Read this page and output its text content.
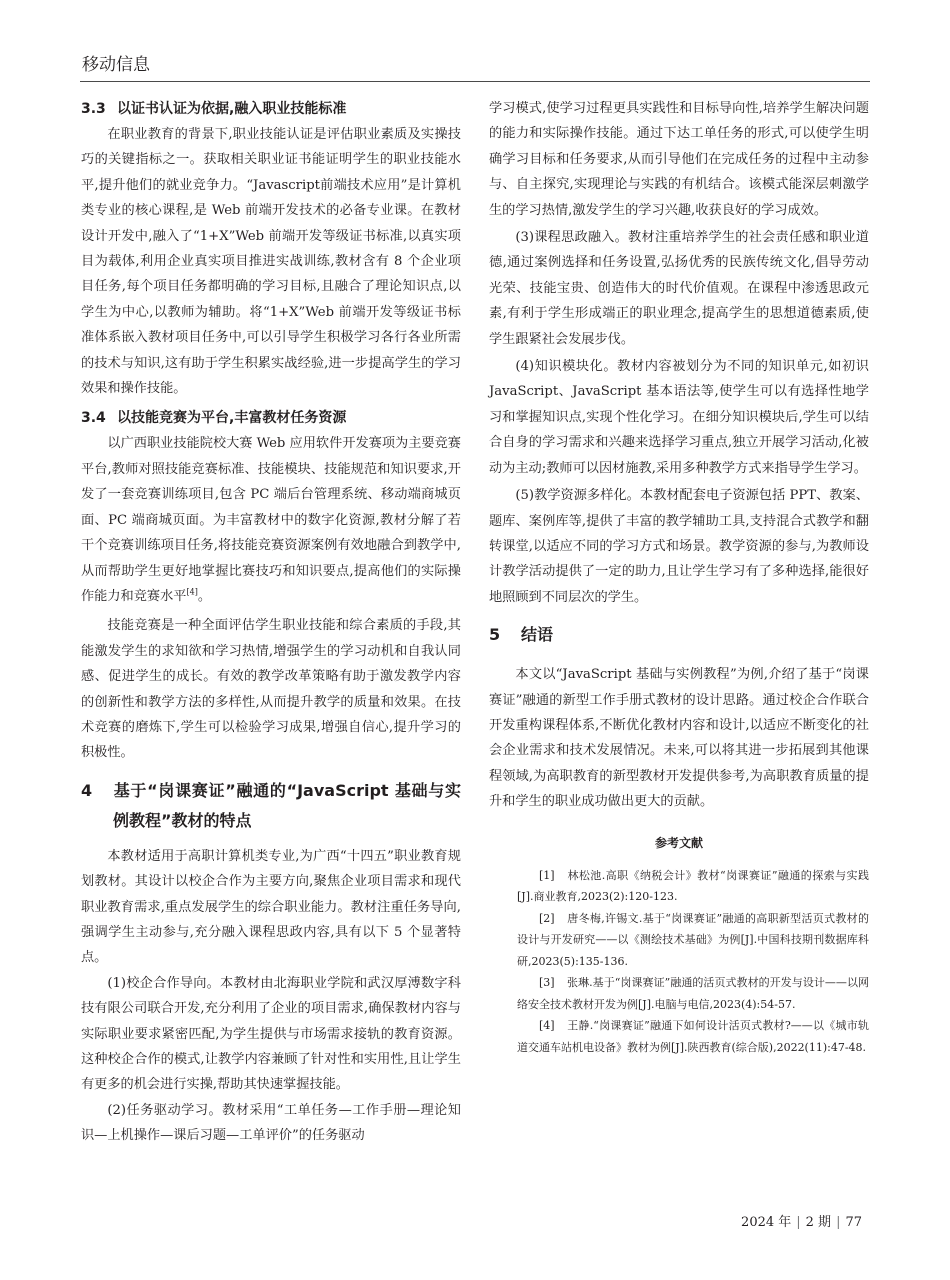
移动信息
3.3 以证书认证为依据,融入职业技能标准

在职业教育的背景下,职业技能认证是评估职业素质及实操技巧的关键指标之一。获取相关职业证书能证明学生的职业技能水平,提升他们的就业竞争力。“Javascript前端技术应用”是计算机类专业的核心课程,是 Web 前端开发技术的必备专业课。在教材设计开发中,融入了“1+X”Web 前端开发等级证书标准,以真实项目为载体,利用企业真实项目推进实战训练,教材含有 8 个企业项目任务,每个项目任务都明确的学习目标,且融合了理论知识点,以学生为中心,以教师为辅助。将“1+X”Web 前端开发等级证书标准体系嵌入教材项目任务中,可以引导学生积极学习各行各业所需的技术与知识,这有助于学生积累实战经验,进一步提高学生的学习效果和操作技能。

3.4 以技能竞赛为平台,丰富教材任务资源

以广西职业技能院校大赛 Web 应用软件开发赛项为主要竞赛平台,教师对照技能竞赛标准、技能模块、技能规范和知识要求,开发了一套竞赛训练项目,包含 PC 端后台管理系统、移动端商城页面、PC 端商城页面。为丰富教材中的数字化资源,教材分解了若干个竞赛训练项目任务,将技能竞赛资源案例有效地融合到教学中,从而帮助学生更好地掌握比赛技巧和知识要点,提高他们的实际操作能力和竞赛水平[4]。

技能竞赛是一种全面评估学生职业技能和综合素质的手段,其能激发学生的求知欲和学习热情,增强学生的学习动机和自我认同感、促进学生的成长。有效的教学改革策略有助于激发教学内容的创新性和教学方法的多样性,从而提升教学的质量和效果。在技术竞赛的磨炼下,学生可以检验学习成果,增强自信心,提升学习的积极性。

4 基于“岗课赛证”融通的“JavaScript 基础与实例教程”教材的特点

本教材适用于高职计算机类专业,为广西“十四五”职业教育规划教材。其设计以校企合作为主要方向,聚焦企业项目需求和现代职业教育需求,重点发展学生的综合职业能力。教材注重任务导向,强调学生主动参与,充分融入课程思政内容,具有以下 5 个显著特点。

(1)校企合作导向。本教材由北海职业学院和武汉厚溥数字科技有限公司联合开发,充分利用了企业的项目需求,确保教材内容与实际职业要求紧密匹配,为学生提供与市场需求接轨的教育资源。这种校企合作的模式,让教学内容兼顾了针对性和实用性,且让学生有更多的机会进行实操,帮助其快速掌握技能。

(2)任务驱动学习。教材采用“工单任务—工作手册—理论知识—上机操作—课后习题—工单评价”的任务驱动

学习模式,使学习过程更具实践性和目标导向性,培养学生解决问题的能力和实际操作技能。通过下达工单任务的形式,可以使学生明确学习目标和任务要求,从而引导他们在完成任务的过程中主动参与、自主探究,实现理论与实践的有机结合。该模式能深层刺激学生的学习热情,激发学生的学习兴趣,收获良好的学习成效。

(3)课程思政融入。教材注重培养学生的社会责任感和职业道德,通过案例选择和任务设置,弘扬优秀的民族传统文化,倡导劳动光荣、技能宝贵、创造伟大的时代价值观。在课程中渗透思政元素,有利于学生形成端正的职业理念,提高学生的思想道德素质,使学生跟紧社会发展步伐。

(4)知识模块化。教材内容被划分为不同的知识单元,如初识 JavaScript、JavaScript 基本语法等,使学生可以有选择性地学习和掌握知识点,实现个性化学习。在细分知识模块后,学生可以结合自身的学习需求和兴趣来选择学习重点,独立开展学习活动,化被动为主动;教师可以因材施教,采用多种教学方式来指导学生学习。

(5)教学资源多样化。本教材配套电子资源包括 PPT、教案、题库、案例库等,提供了丰富的教学辅助工具,支持混合式教学和翻转课堂,以适应不同的学习方式和场景。教学资源的参与,为教师设计教学活动提供了一定的助力,且让学生学习有了多种选择,能很好地照顾到不同层次的学生。

5 结语

本文以“JavaScript 基础与实例教程”为例,介绍了基于“岗课赛证”融通的新型工作手册式教材的设计思路。通过校企合作联合开发重构课程体系,不断优化教材内容和设计,以适应不断变化的社会企业需求和技术发展情况。未来,可以将其进一步拓展到其他课程领域,为高职教育的新型教材开发提供参考,为高职教育质量的提升和学生的职业成功做出更大的贡献。

参考文献

[1] 林松池.高职《纳税会计》教材“岗课赛证”融通的探索与实践[J].商业教育,2023(2):120-123.

[2] 唐冬梅,许锡文.基于“岗课赛证”融通的高职新型活页式教材的设计与开发研究——以《测绘技术基础》为例[J].中国科技期刊数据库科研,2023(5):135-136.

[3] 张琳.基于“岗课赛证”融通的活页式教材的开发与设计——以网络安全技术教材开发为例[J].电脑与电信,2023(4):54-57.

[4] 王静.“岗课赛证”融通下如何设计活页式教材?——以《城市轨道交通车站机电设备》教材为例[J].陕西教育(综合版),2022(11):47-48.

2024 年 | 2 期 | 77
